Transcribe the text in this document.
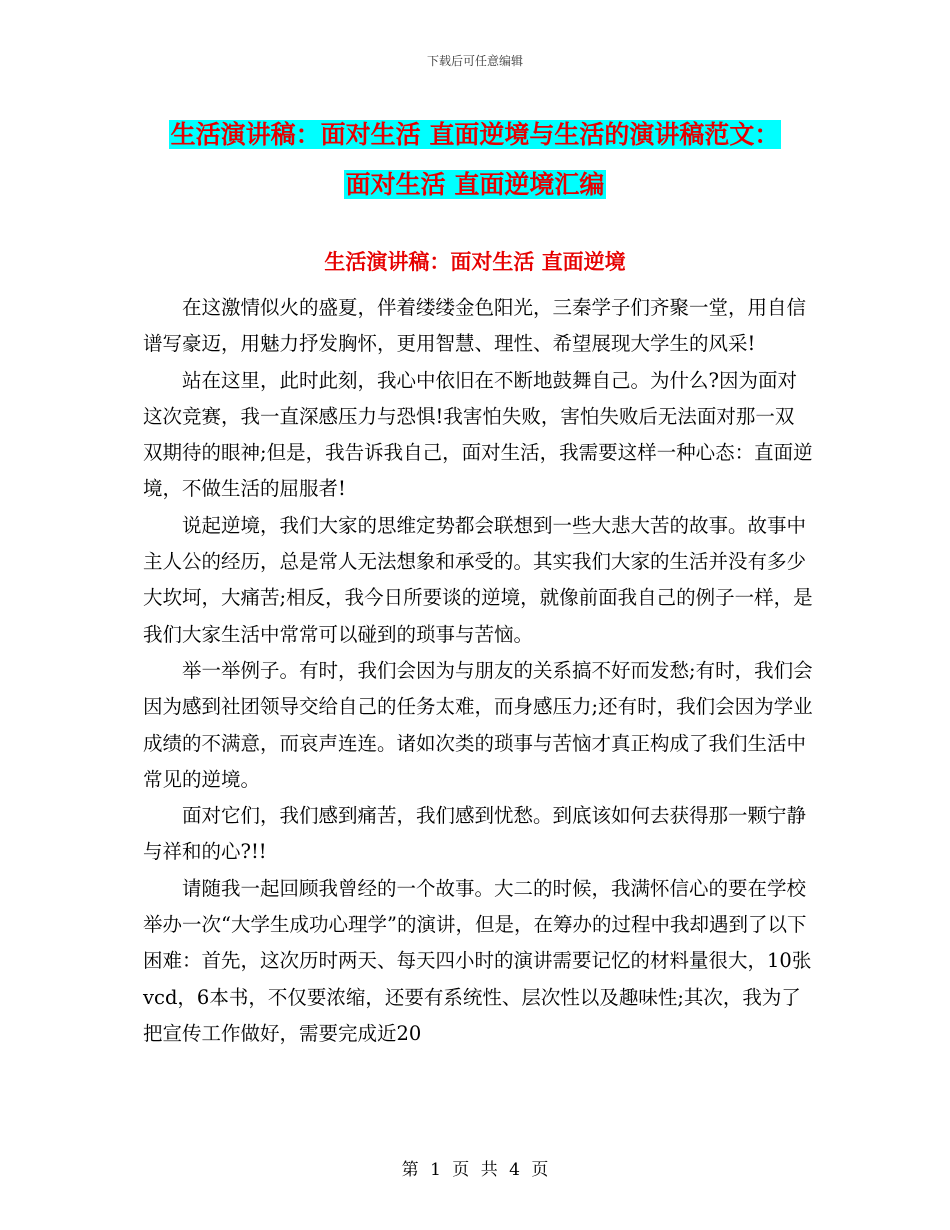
下载后可任意编辑
生活演讲稿：面对生活 直面逆境与生活的演讲稿范文：
面对生活 直面逆境汇编
生活演讲稿：面对生活 直面逆境

在这激情似火的盛夏，伴着缕缕金色阳光，三秦学子们齐聚一堂，用自信谱写豪迈，用魅力抒发胸怀，更用智慧、理性、希望展现大学生的风采!

站在这里，此时此刻，我心中依旧在不断地鼓舞自己。为什么?因为面对这次竞赛，我一直深感压力与恐惧!我害怕失败，害怕失败后无法面对那一双双期待的眼神;但是，我告诉我自己，面对生活，我需要这样一种心态：直面逆境，不做生活的屈服者!

说起逆境，我们大家的思维定势都会联想到一些大悲大苦的故事。故事中主人公的经历，总是常人无法想象和承受的。其实我们大家的生活并没有多少大坎坷，大痛苦;相反，我今日所要谈的逆境，就像前面我自己的例子一样，是我们大家生活中常常可以碰到的琐事与苦恼。

举一举例子。有时，我们会因为与朋友的关系搞不好而发愁;有时，我们会因为感到社团领导交给自己的任务太难，而身感压力;还有时，我们会因为学业成绩的不满意，而哀声连连。诸如次类的琐事与苦恼才真正构成了我们生活中常见的逆境。

面对它们，我们感到痛苦，我们感到忧愁。到底该如何去获得那一颗宁静与祥和的心?!!

请随我一起回顾我曾经的一个故事。大二的时候，我满怀信心的要在学校举办一次“大学生成功心理学”的演讲，但是，在筹办的过程中我却遇到了以下困难：首先，这次历时两天、每天四小时的演讲需要记忆的材料量很大，10张vcd，6本书，不仅要浓缩，还要有系统性、层次性以及趣味性;其次，我为了把宣传工作做好，需要完成近20

第 1 页 共 4 页
